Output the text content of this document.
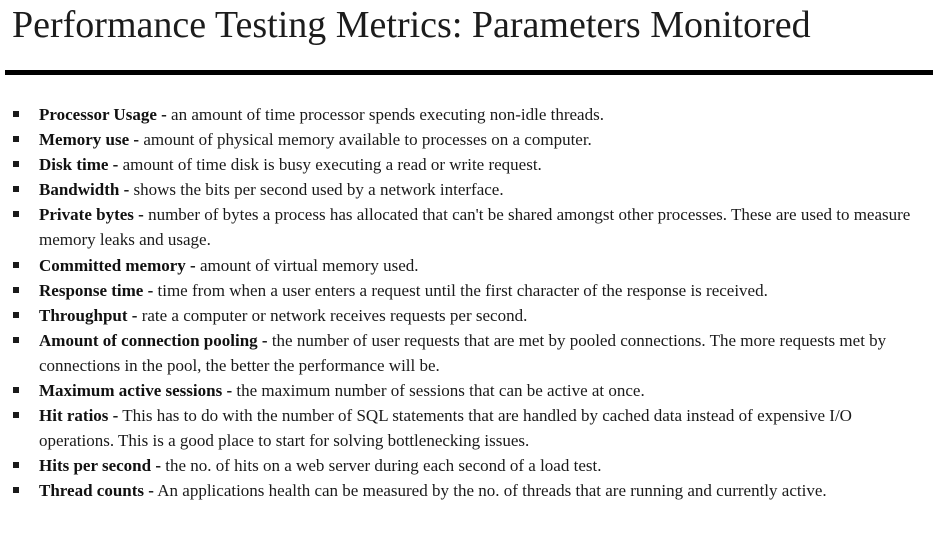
Performance Testing Metrics: Parameters Monitored
Processor Usage - an amount of time processor spends executing non-idle threads.
Memory use - amount of physical memory available to processes on a computer.
Disk time - amount of time disk is busy executing a read or write request.
Bandwidth - shows the bits per second used by a network interface.
Private bytes - number of bytes a process has allocated that can't be shared amongst other processes. These are used to measure memory leaks and usage.
Committed memory - amount of virtual memory used.
Response time - time from when a user enters a request until the first character of the response is received.
Throughput - rate a computer or network receives requests per second.
Amount of connection pooling - the number of user requests that are met by pooled connections. The more requests met by connections in the pool, the better the performance will be.
Maximum active sessions - the maximum number of sessions that can be active at once.
Hit ratios - This has to do with the number of SQL statements that are handled by cached data instead of expensive I/O operations. This is a good place to start for solving bottlenecking issues.
Hits per second - the no. of hits on a web server during each second of a load test.
Thread counts - An applications health can be measured by the no. of threads that are running and currently active.
